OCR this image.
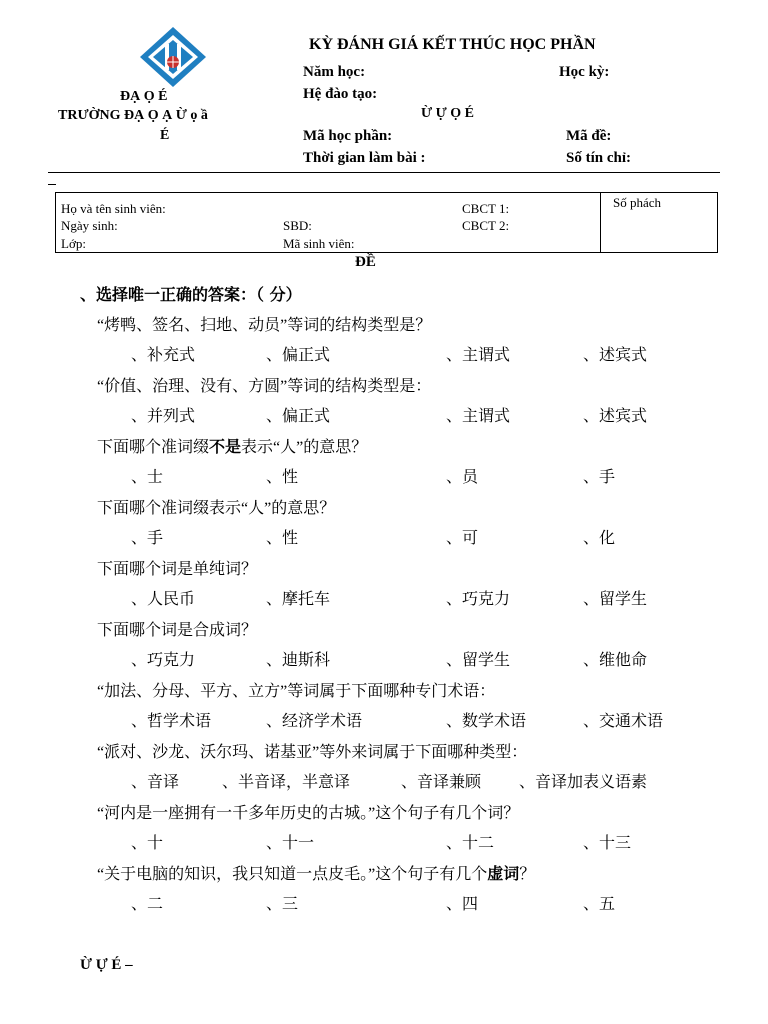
KỲ ĐÁNH GIÁ KẾT THÚC HỌC PHẦN
ĐẠ Ọ É
TRƯỜNG ĐẠ Ọ Ạ Ừ ọ ầ	Ừ Ự Ọ É
É
Năm học:
Hệ đào tạo:
Mã học phần:
Thời gian làm bài :
Học kỳ:
Mã đề:
Số tín chỉ:
Họ và tên sinh viên:
Ngày sinh:
Lớp:
SBD:
Mã sinh viên:
CBCT 1:
CBCT 2:
Số phách
ĐỀ
、选择唯一正确的答案：（ 分）
“烤鸭、签名、扫地、动员”等词的结构类型是？
、补充式	、偏正式	、主谓式	、述宾式
“价值、治理、没有、方圆”等词的结构类型是：
、并列式	、偏正式	、主谓式	、述宾式
下面哪个准词缀不是表示“人”的意思？
、士	、性	、员	、手
下面哪个准词缀表示“人”的意思？
、手	、性	、可	、化
下面哪个词是单纯词？
、人民币	、摩托车	、巧克力	、留学生
下面哪个词是合成词？
、巧克力	、迪斯科	、留学生	、维他命
“加法、分母、平方、立方”等词属于下面哪种专门术语：
、哲学术语	、经济学术语	、数学术语	、交通术语
“派对、沙龙、沃尔玛、诺基亚”等外来词属于下面哪种类型：
、音译	、半音译，半意译	、音译兼顾 、音译加表义语素
“河内是一座拥有一千多年历史的古城。”这个句子有几个词？
、十	、十一	、十二	、十三
“关于电脑的知识，我只知道一点皮毛。”这个句子有几个虚词？
、二	、三	、四	、五
Ừ Ự É –
